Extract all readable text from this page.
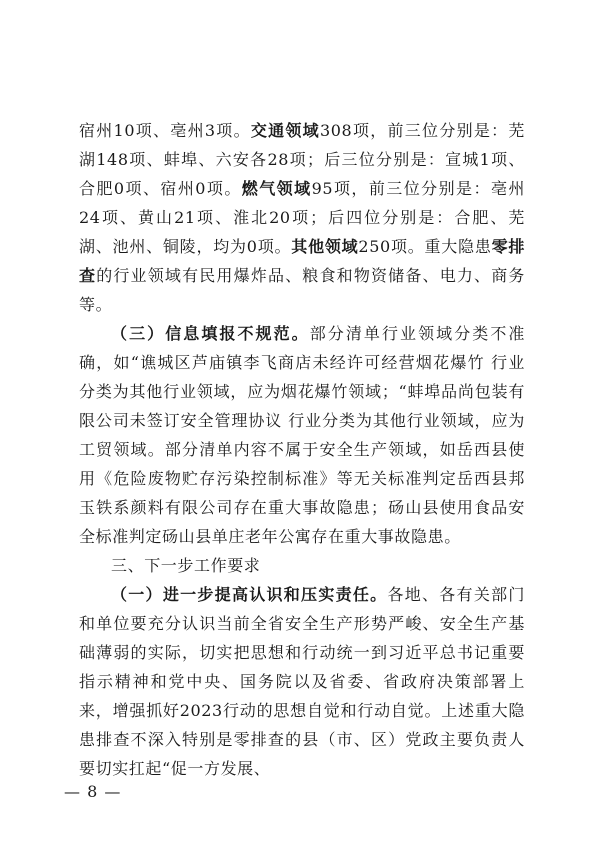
宿州10项、亳州3项。交通领域308项，前三位分别是：芜湖148项、蚌埠、六安各28项；后三位分别是：宣城1项、合肥0项、宿州0项。燃气领域95项，前三位分别是：亳州24项、黄山21项、淮北20项；后四位分别是：合肥、芜湖、池州、铜陵，均为0项。其他领域250项。重大隐患零排查的行业领域有民用爆炸品、粮食和物资储备、电力、商务等。

（三）信息填报不规范。部分清单行业领域分类不准确，如“谯城区芦庙镇李飞商店未经许可经营烟花爆竹 行业分类为其他行业领域，应为烟花爆竹领域；“蚌埠品尚包装有限公司未签订安全管理协议 行业分类为其他行业领域，应为工贸领域。部分清单内容不属于安全生产领域，如岳西县使用《危险废物贮存污染控制标准》等无关标准判定岳西县邦玉铁系颜料有限公司存在重大事故隐患；砀山县使用食品安全标准判定砀山县单庄老年公寓存在重大事故隐患。

三、下一步工作要求

（一）进一步提高认识和压实责任。各地、各有关部门和单位要充分认识当前全省安全生产形势严峻、安全生产基础薄弱的实际，切实把思想和行动统一到习近平总书记重要指示精神和党中央、国务院以及省委、省政府决策部署上来，增强抓好2023行动的思想自觉和行动自觉。上述重大隐患排查不深入特别是零排查的县（市、区）党政主要负责人要切实扛起“促一方发展、

— 8 —
